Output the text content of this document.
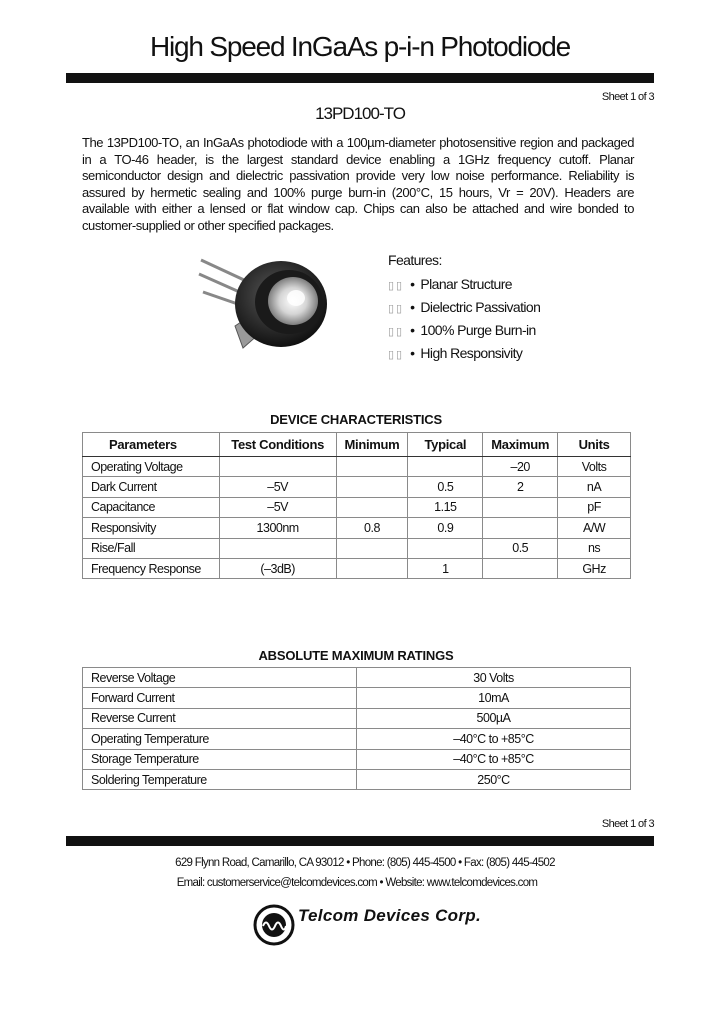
High Speed InGaAs p-i-n Photodiode
Sheet 1 of 3
13PD100-TO

The 13PD100-TO, an InGaAs photodiode with a 100µm-diameter photosensitive region and packaged in a TO-46 header, is the largest standard device enabling a 1GHz frequency cutoff. Planar semiconductor design and dielectric passivation provide very low noise performance. Reliability is assured by hermetic sealing and 100% purge burn-in (200°C, 15 hours, Vr = 20V). Headers are available with either a lensed or flat window cap. Chips can also be attached and wire bonded to customer-supplied or other specified packages.

Features:
▯▯ • Planar Structure
▯▯ • Dielectric Passivation
▯▯ • 100% Purge Burn-in
▯▯ • High Responsivity
DEVICE CHARACTERISTICS
Parameters	Test Conditions	Minimum	Typical	Maximum	Units
Operating Voltage				–20	Volts
Dark Current	–5V		0.5	2	nA
Capacitance	–5V		1.15		pF
Responsivity	1300nm	0.8	0.9		A/W
Rise/Fall				0.5	ns
Frequency Response	(–3dB)		1		GHz
ABSOLUTE MAXIMUM RATINGS
Reverse Voltage	30 Volts
Forward Current	10mA
Reverse Current	500µA
Operating Temperature	–40°C to +85°C
Storage Temperature	–40°C to +85°C
Soldering Temperature	250°C
Sheet 1 of 3
629 Flynn Road, Camarillo, CA 93012 • Phone: (805) 445-4500 • Fax: (805) 445-4502
Email: customerservice@telcomdevices.com • Website: www.telcomdevices.com
Telcom Devices Corp.
